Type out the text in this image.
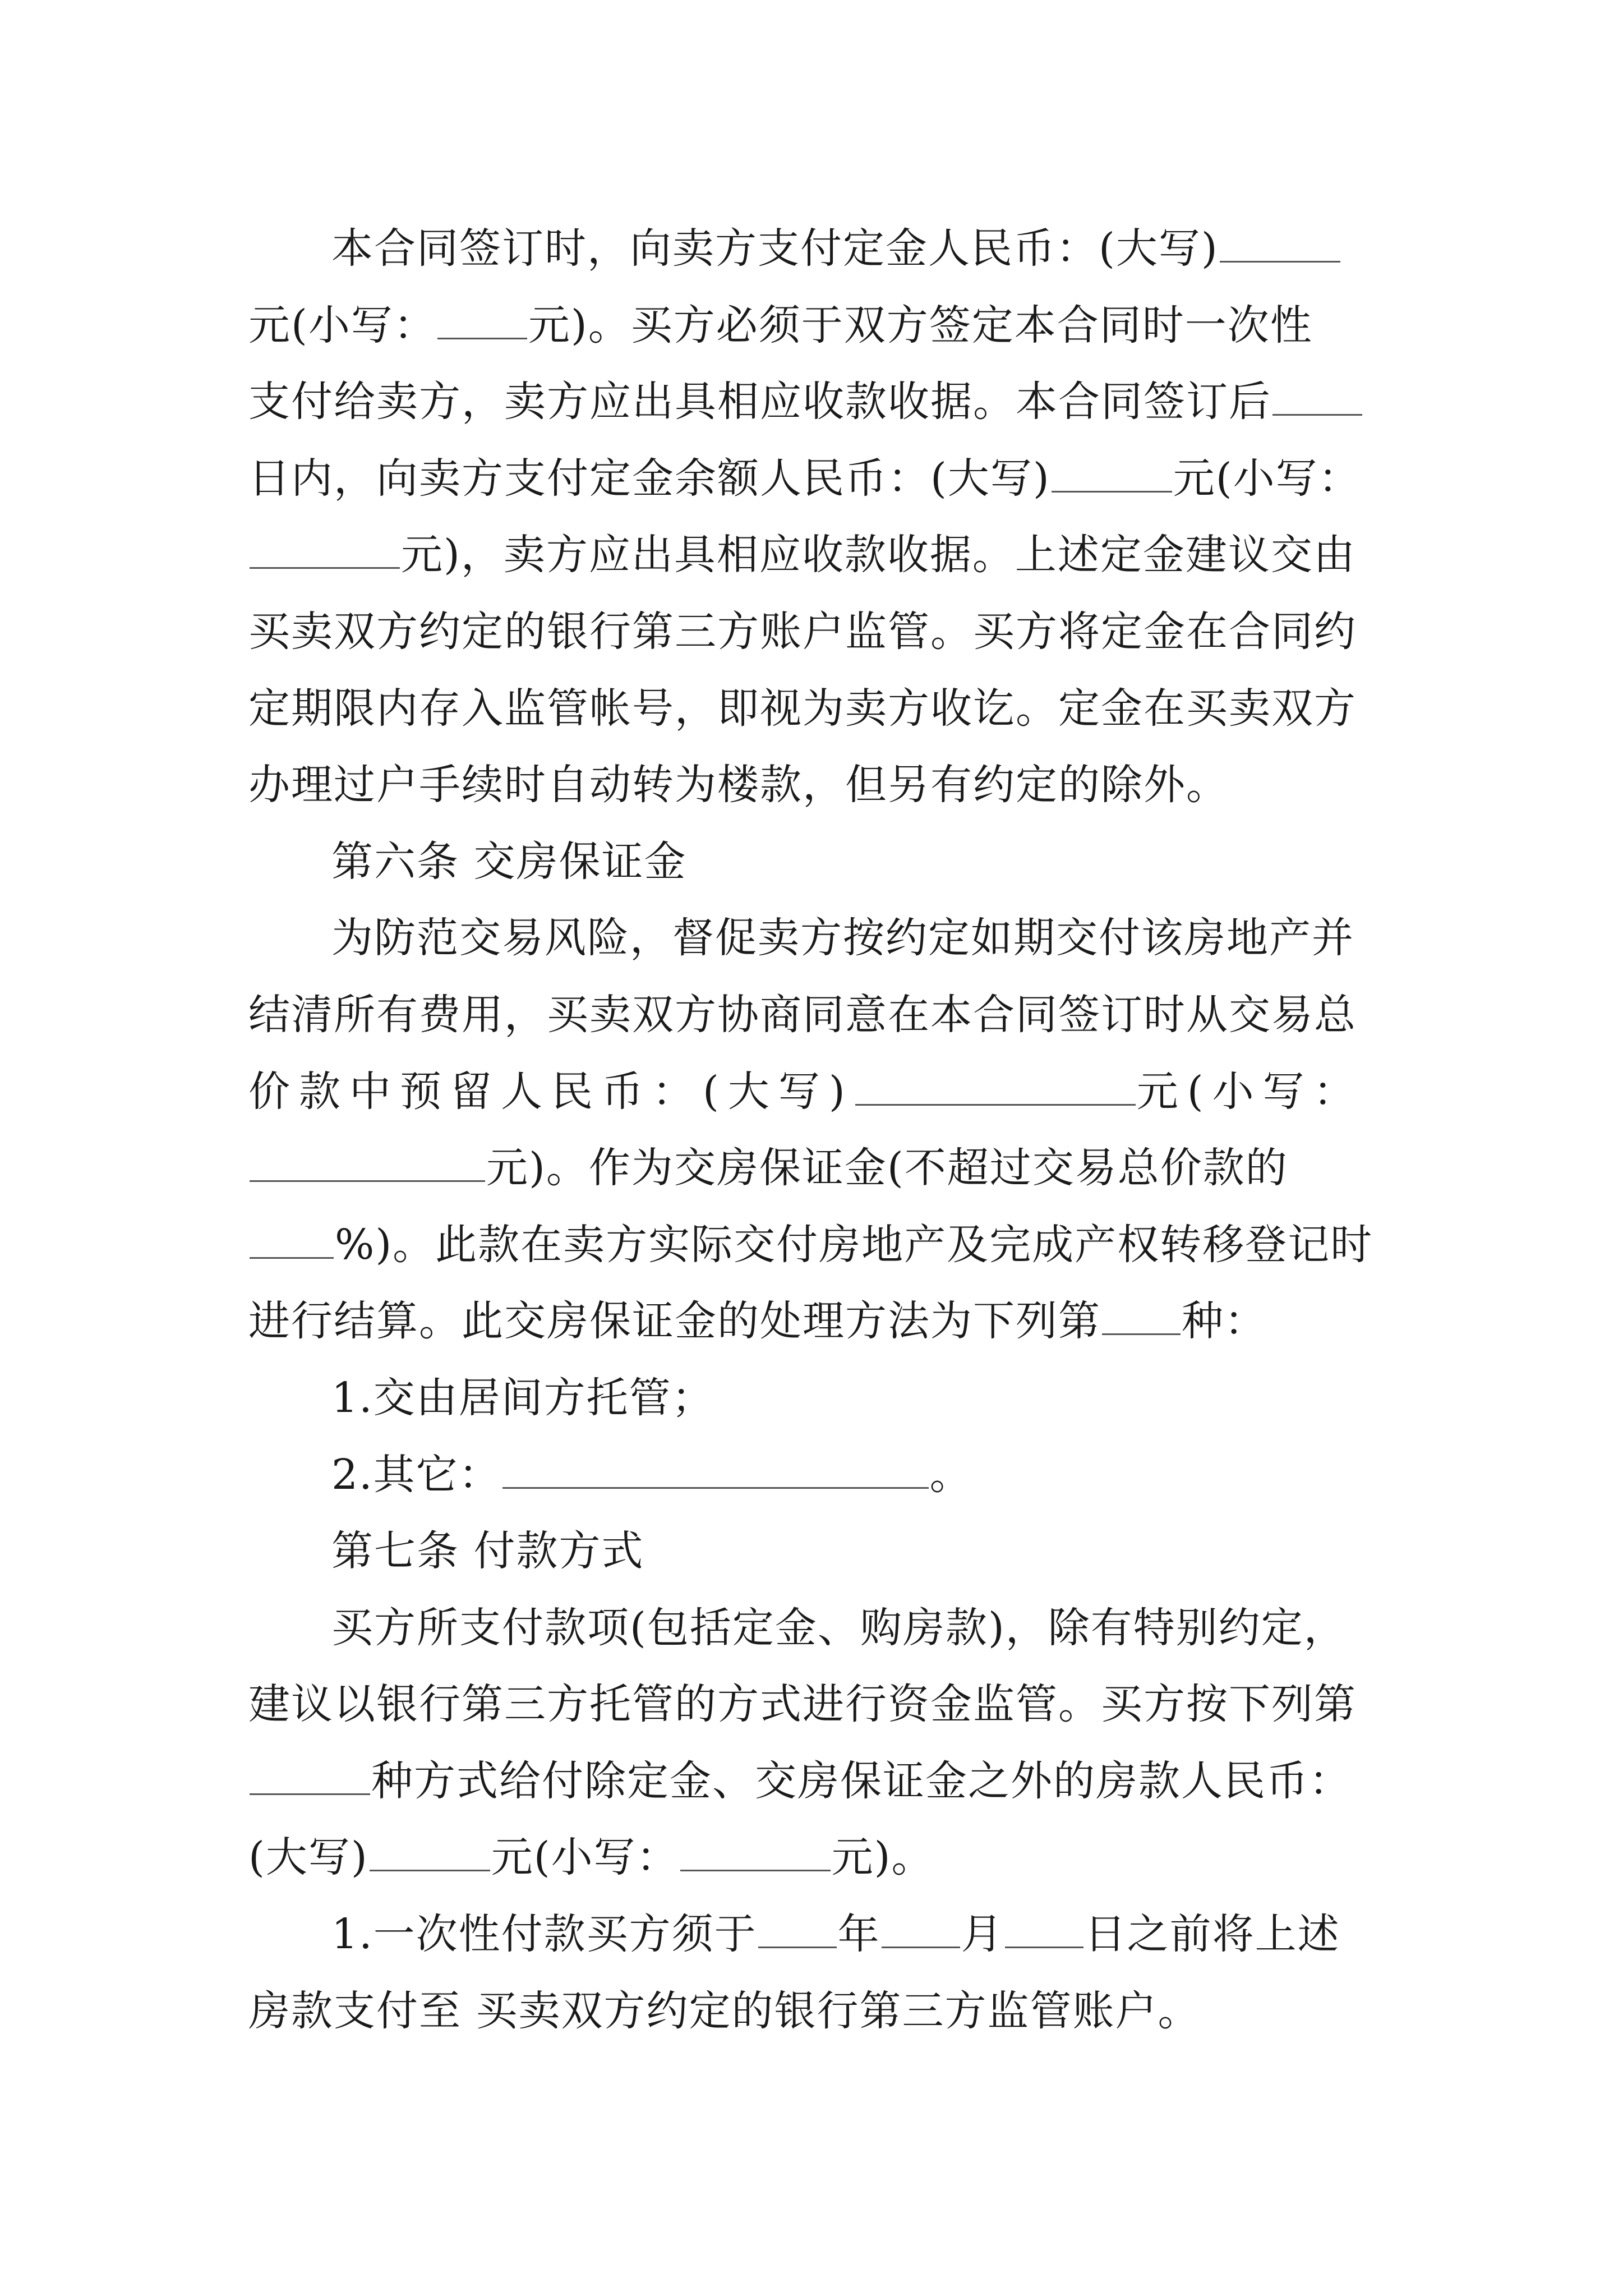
本合同签订时，向卖方支付定金人民币：(大写)
元(小写： 元)。买方必须于双方签定本合同时一次性
支付给卖方，卖方应出具相应收款收据。本合同签订后
日内，向卖方支付定金余额人民币：(大写)	元(小写：
元)，卖方应出具相应收款收据。上述定金建议交由
买卖双方约定的银行第三方账户监管。买方将定金在合同约
定期限内存入监管帐号，即视为卖方收讫。定金在买卖双方
办理过户手续时自动转为楼款，但另有约定的除外。
第六条 交房保证金
为防范交易风险，督促卖方按约定如期交付该房地产并
结清所有费用，买卖双方协商同意在本合同签订时从交易总
价款中预留人民币：(大写)	元(小写：
元)。作为交房保证金(不超过交易总价款的
%)。此款在卖方实际交付房地产及完成产权转移登记时
进行结算。此交房保证金的处理方法为下列第 种：
1.交由居间方托管；
2.其它：	。
第七条 付款方式
买方所支付款项(包括定金、购房款)，除有特别约定，
建议以银行第三方托管的方式进行资金监管。买方按下列第
种方式给付除定金、交房保证金之外的房款人民币：
(大写)	元(小写：	元)。
1.一次性付款买方须于 年 月 日之前将上述
房款支付至 买卖双方约定的银行第三方监管账户。
